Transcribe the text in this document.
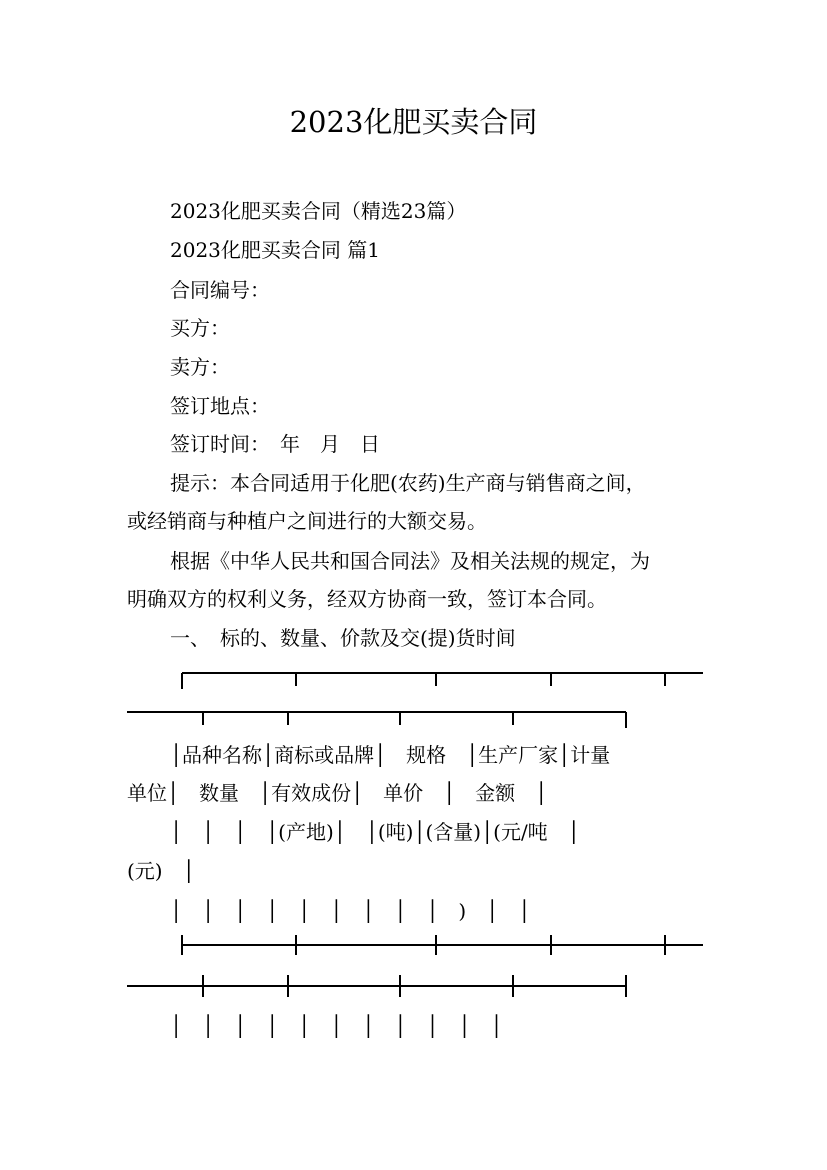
2023化肥买卖合同

2023化肥买卖合同（精选23篇）

2023化肥买卖合同 篇1

合同编号：

买方：

卖方：

签订地点：

签订时间：　年　月　日

提示：本合同适用于化肥(农药)生产商与销售商之间，

或经销商与种植户之间进行的大额交易。

根据《中华人民共和国合同法》及相关法规的规定，为

明确双方的权利义务，经双方协商一致，签订本合同。

一、　标的、数量、价款及交(提)货时间

│品种名称│商标或品牌│　规格　│生产厂家│计量

单位│　数量　│有效成份│　单价　│　金额　│

│　│　│　│(产地)│　│(吨)│(含量)│(元/吨　│

(元)　│

│　│　│　│　│　│　│　│　│　)　│　│

│　│　│　│　│　│　│　│　│　│　│
